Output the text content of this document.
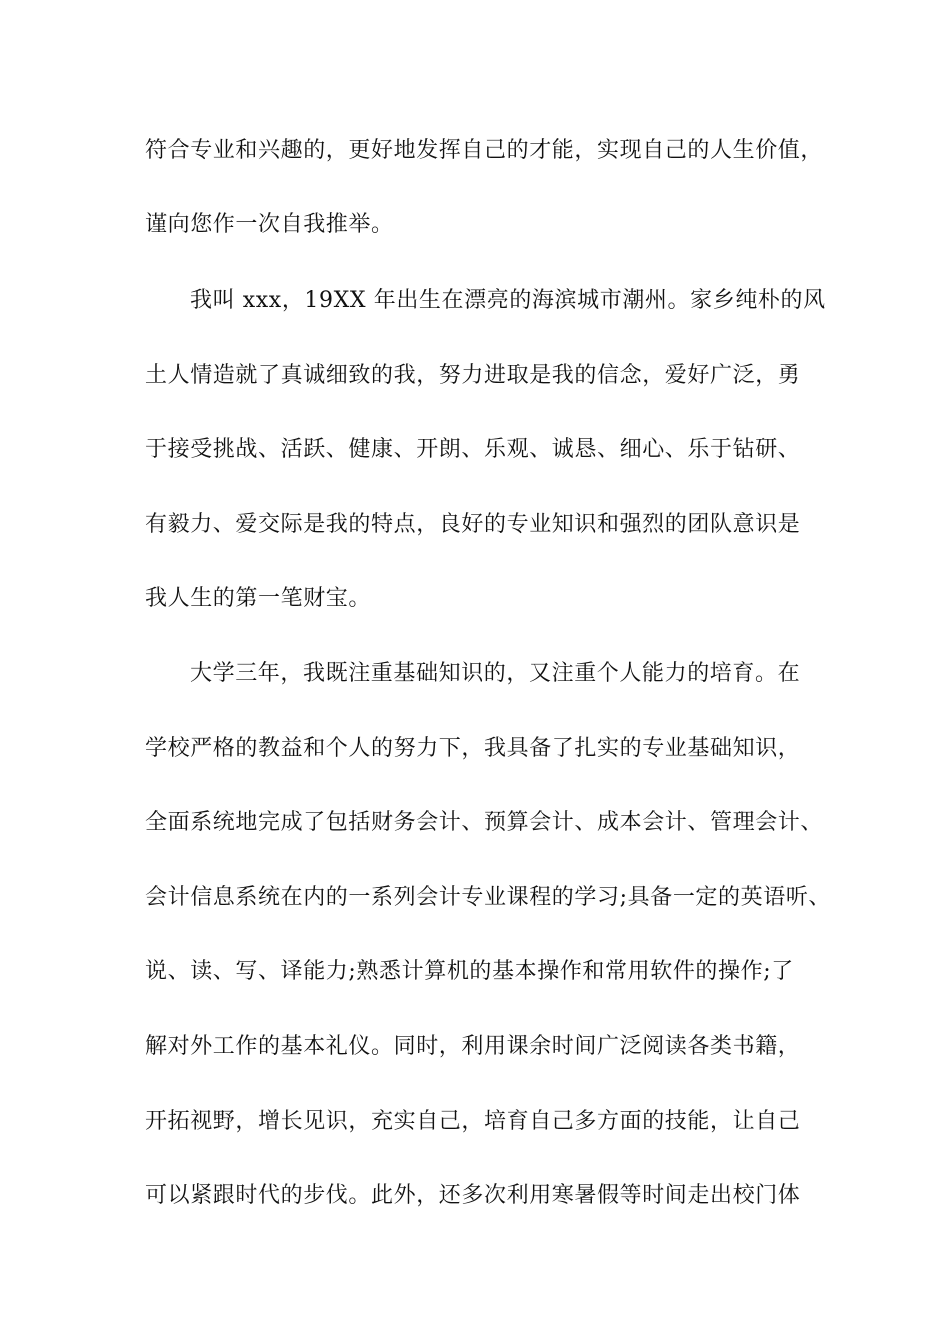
符合专业和兴趣的，更好地发挥自己的才能，实现自己的人生价值，
谨向您作一次自我推举。
我叫 xxx，19XX 年出生在漂亮的海滨城市潮州。家乡纯朴的风
土人情造就了真诚细致的我，努力进取是我的信念，爱好广泛，勇
于接受挑战、活跃、健康、开朗、乐观、诚恳、细心、乐于钻研、
有毅力、爱交际是我的特点，良好的专业知识和强烈的团队意识是
我人生的第一笔财宝。
大学三年，我既注重基础知识的，又注重个人能力的培育。在
学校严格的教益和个人的努力下，我具备了扎实的专业基础知识，
全面系统地完成了包括财务会计、预算会计、成本会计、管理会计、
会计信息系统在内的一系列会计专业课程的学习;具备一定的英语听、
说、读、写、译能力;熟悉计算机的基本操作和常用软件的操作;了
解对外工作的基本礼仪。同时，利用课余时间广泛阅读各类书籍，
开拓视野，增长见识，充实自己，培育自己多方面的技能，让自己
可以紧跟时代的步伐。此外，还多次利用寒暑假等时间走出校门体
